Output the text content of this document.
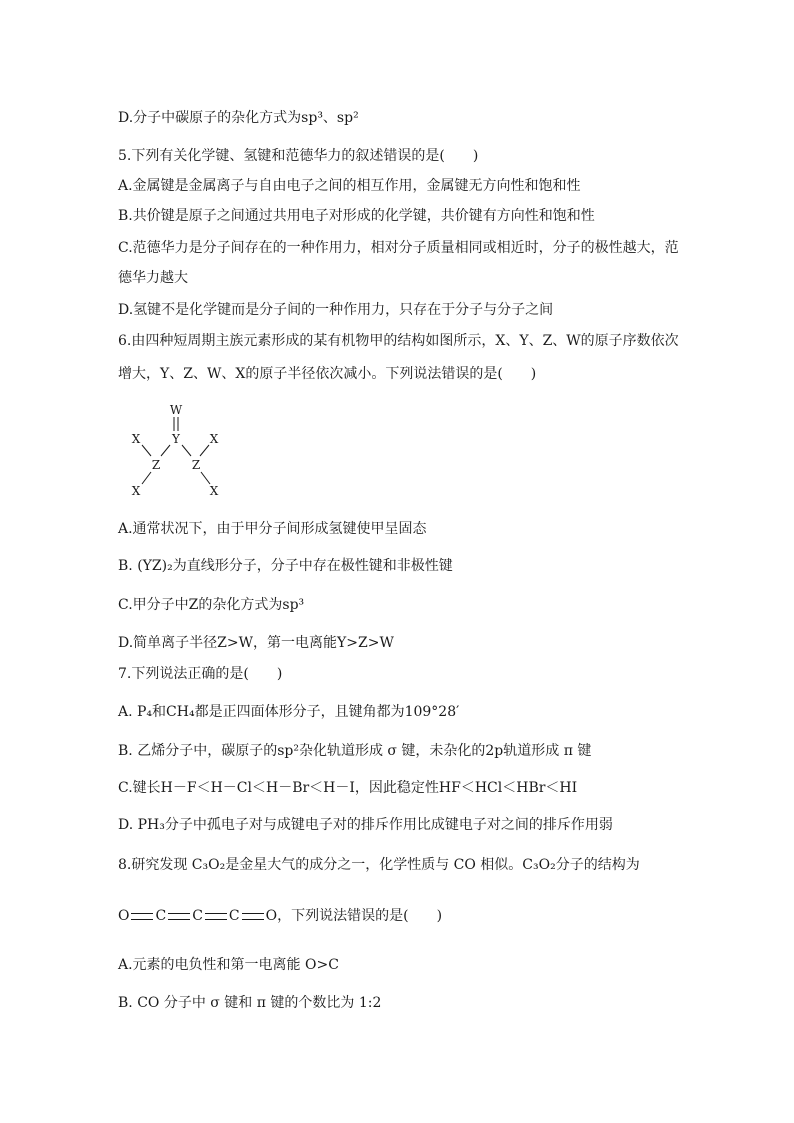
D.分子中碳原子的杂化方式为sp³、sp²

5.下列有关化学键、氢键和范德华力的叙述错误的是(　　)

A.金属键是金属离子与自由电子之间的相互作用，金属键无方向性和饱和性

B.共价键是原子之间通过共用电子对形成的化学键，共价键有方向性和饱和性

C.范德华力是分子间存在的一种作用力，相对分子质量相同或相近时，分子的极性越大，范

德华力越大

D.氢键不是化学键而是分子间的一种作用力，只存在于分子与分子之间

6.由四种短周期主族元素形成的某有机物甲的结构如图所示，X、Y、Z、W的原子序数依次

增大，Y、Z、W、X的原子半径依次减小。下列说法错误的是(　　)

W
Y
X	X
Z	Z
X	X

A.通常状况下，由于甲分子间形成氢键使甲呈固态

B. (YZ)₂为直线形分子，分子中存在极性键和非极性键

C.甲分子中Z的杂化方式为sp³

D.简单离子半径Z>W，第一电离能Y>Z>W

7.下列说法正确的是(　　)

A. P₄和CH₄都是正四面体形分子，且键角都为109°28′

B. 乙烯分子中，碳原子的sp²杂化轨道形成 σ 键，未杂化的2p轨道形成 π 键

C.键长H－F＜H－Cl＜H－Br＜H－I，因此稳定性HF＜HCl＜HBr＜HI

D. PH₃分子中孤电子对与成键电子对的排斥作用比成键电子对之间的排斥作用弱

8.研究发现 C₃O₂是金星大气的成分之一，化学性质与 CO 相似。C₃O₂分子的结构为

O C C C O，下列说法错误的是(　　)

A.元素的电负性和第一电离能 O>C

B. CO 分子中 σ 键和 π 键的个数比为 1:2
